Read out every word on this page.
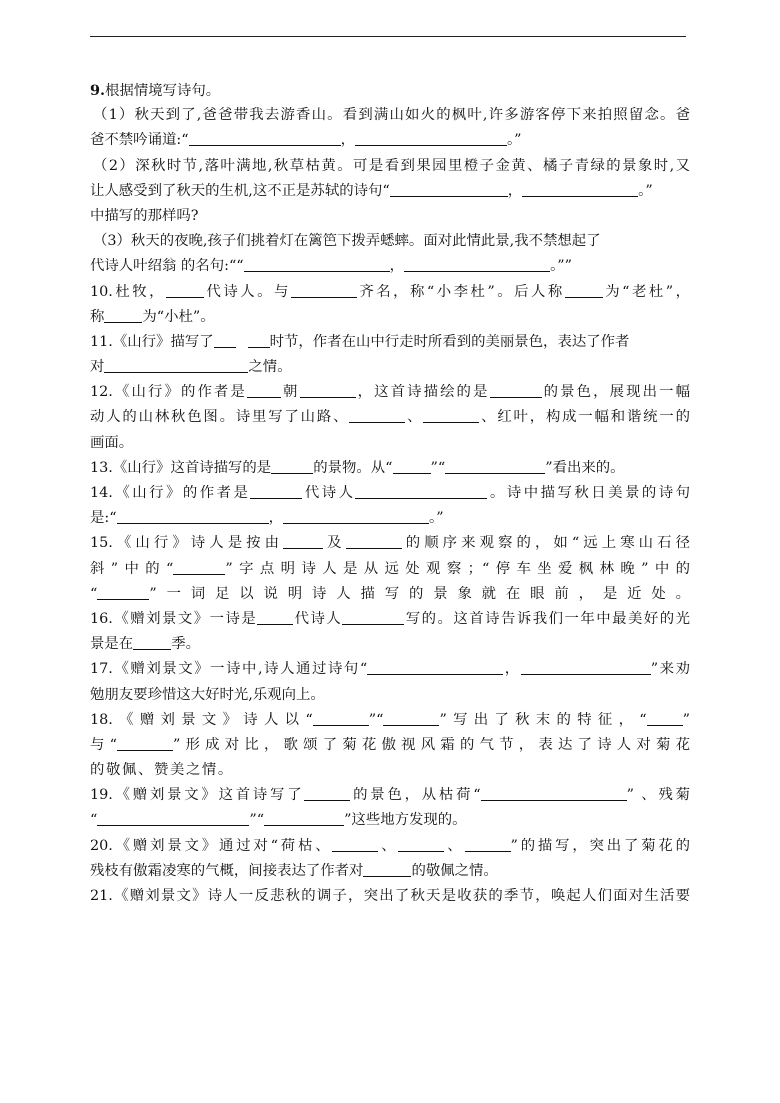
9.根据情境写诗句。
（1）秋天到了,爸爸带我去游香山。看到满山如火的枫叶,许多游客停下来拍照留念。爸
爸不禁吟诵道:“	，	。”
（2）深秋时节,落叶满地,秋草枯黄。可是看到果园里橙子金黄、橘子青绿的景象时,又
让人感受到了秋天的生机,这不正是苏轼的诗句“	，	。”
中描写的那样吗?
（3）秋天的夜晚,孩子们挑着灯在篱笆下拨弄蟋蟀。面对此情此景,我不禁想起了
代诗人叶绍翁 的名句:““	，	。””
10.杜牧，	代诗人。与	齐名，称“小李杜”。后人称	为“老杜”，
称	为“小杜”。
11.《山行》描写了	时节，作者在山中行走时所看到的美丽景色，表达了作者
对	之情。
12.《山行》的作者是 朝	，这首诗描绘的是	的景色，展现出一幅
动人的山林秋色图。诗里写了山路、	、	、红叶，构成一幅和谐统一的
画面。
13.《山行》这首诗描写的是	的景物。从“	”“	”看出来的。
14.《山行》的作者是	代诗人	。诗中描写秋日美景的诗句
是:“	，	。”
15.《山行》诗人是按由	及	的顺序来观察的，如“远上寒山石径
斜”中的“	”字点明诗人是从远处观察；“停车坐爱枫林晚”中的
“	”一词足以说明诗人描写的景象就在眼前，是近处。
16.《赠刘景文》一诗是	代诗人	写的。这首诗告诉我们一年中最美好的光
景是在	季。
17.《赠刘景文》一诗中,诗人通过诗句“	，	”来劝
勉朋友要珍惜这大好时光,乐观向上。
18.《赠刘景文》诗人以“	”“	”写出了秋末的特征，“	”
与“	”形成对比，歌颂了菊花傲视风霜的气节，表达了诗人对菊花
的敬佩、赞美之情。
19.《赠刘景文》这首诗写了	的景色，从枯荷“	” 、残菊
“	”“	”这些地方发现的。
20.《赠刘景文》通过对“荷枯、	、	、	”的描写，突出了菊花的
残枝有傲霜凌寒的气概，间接表达了作者对	的敬佩之情。
21.《赠刘景文》诗人一反悲秋的调子，突出了秋天是收获的季节，唤起人们面对生活要
